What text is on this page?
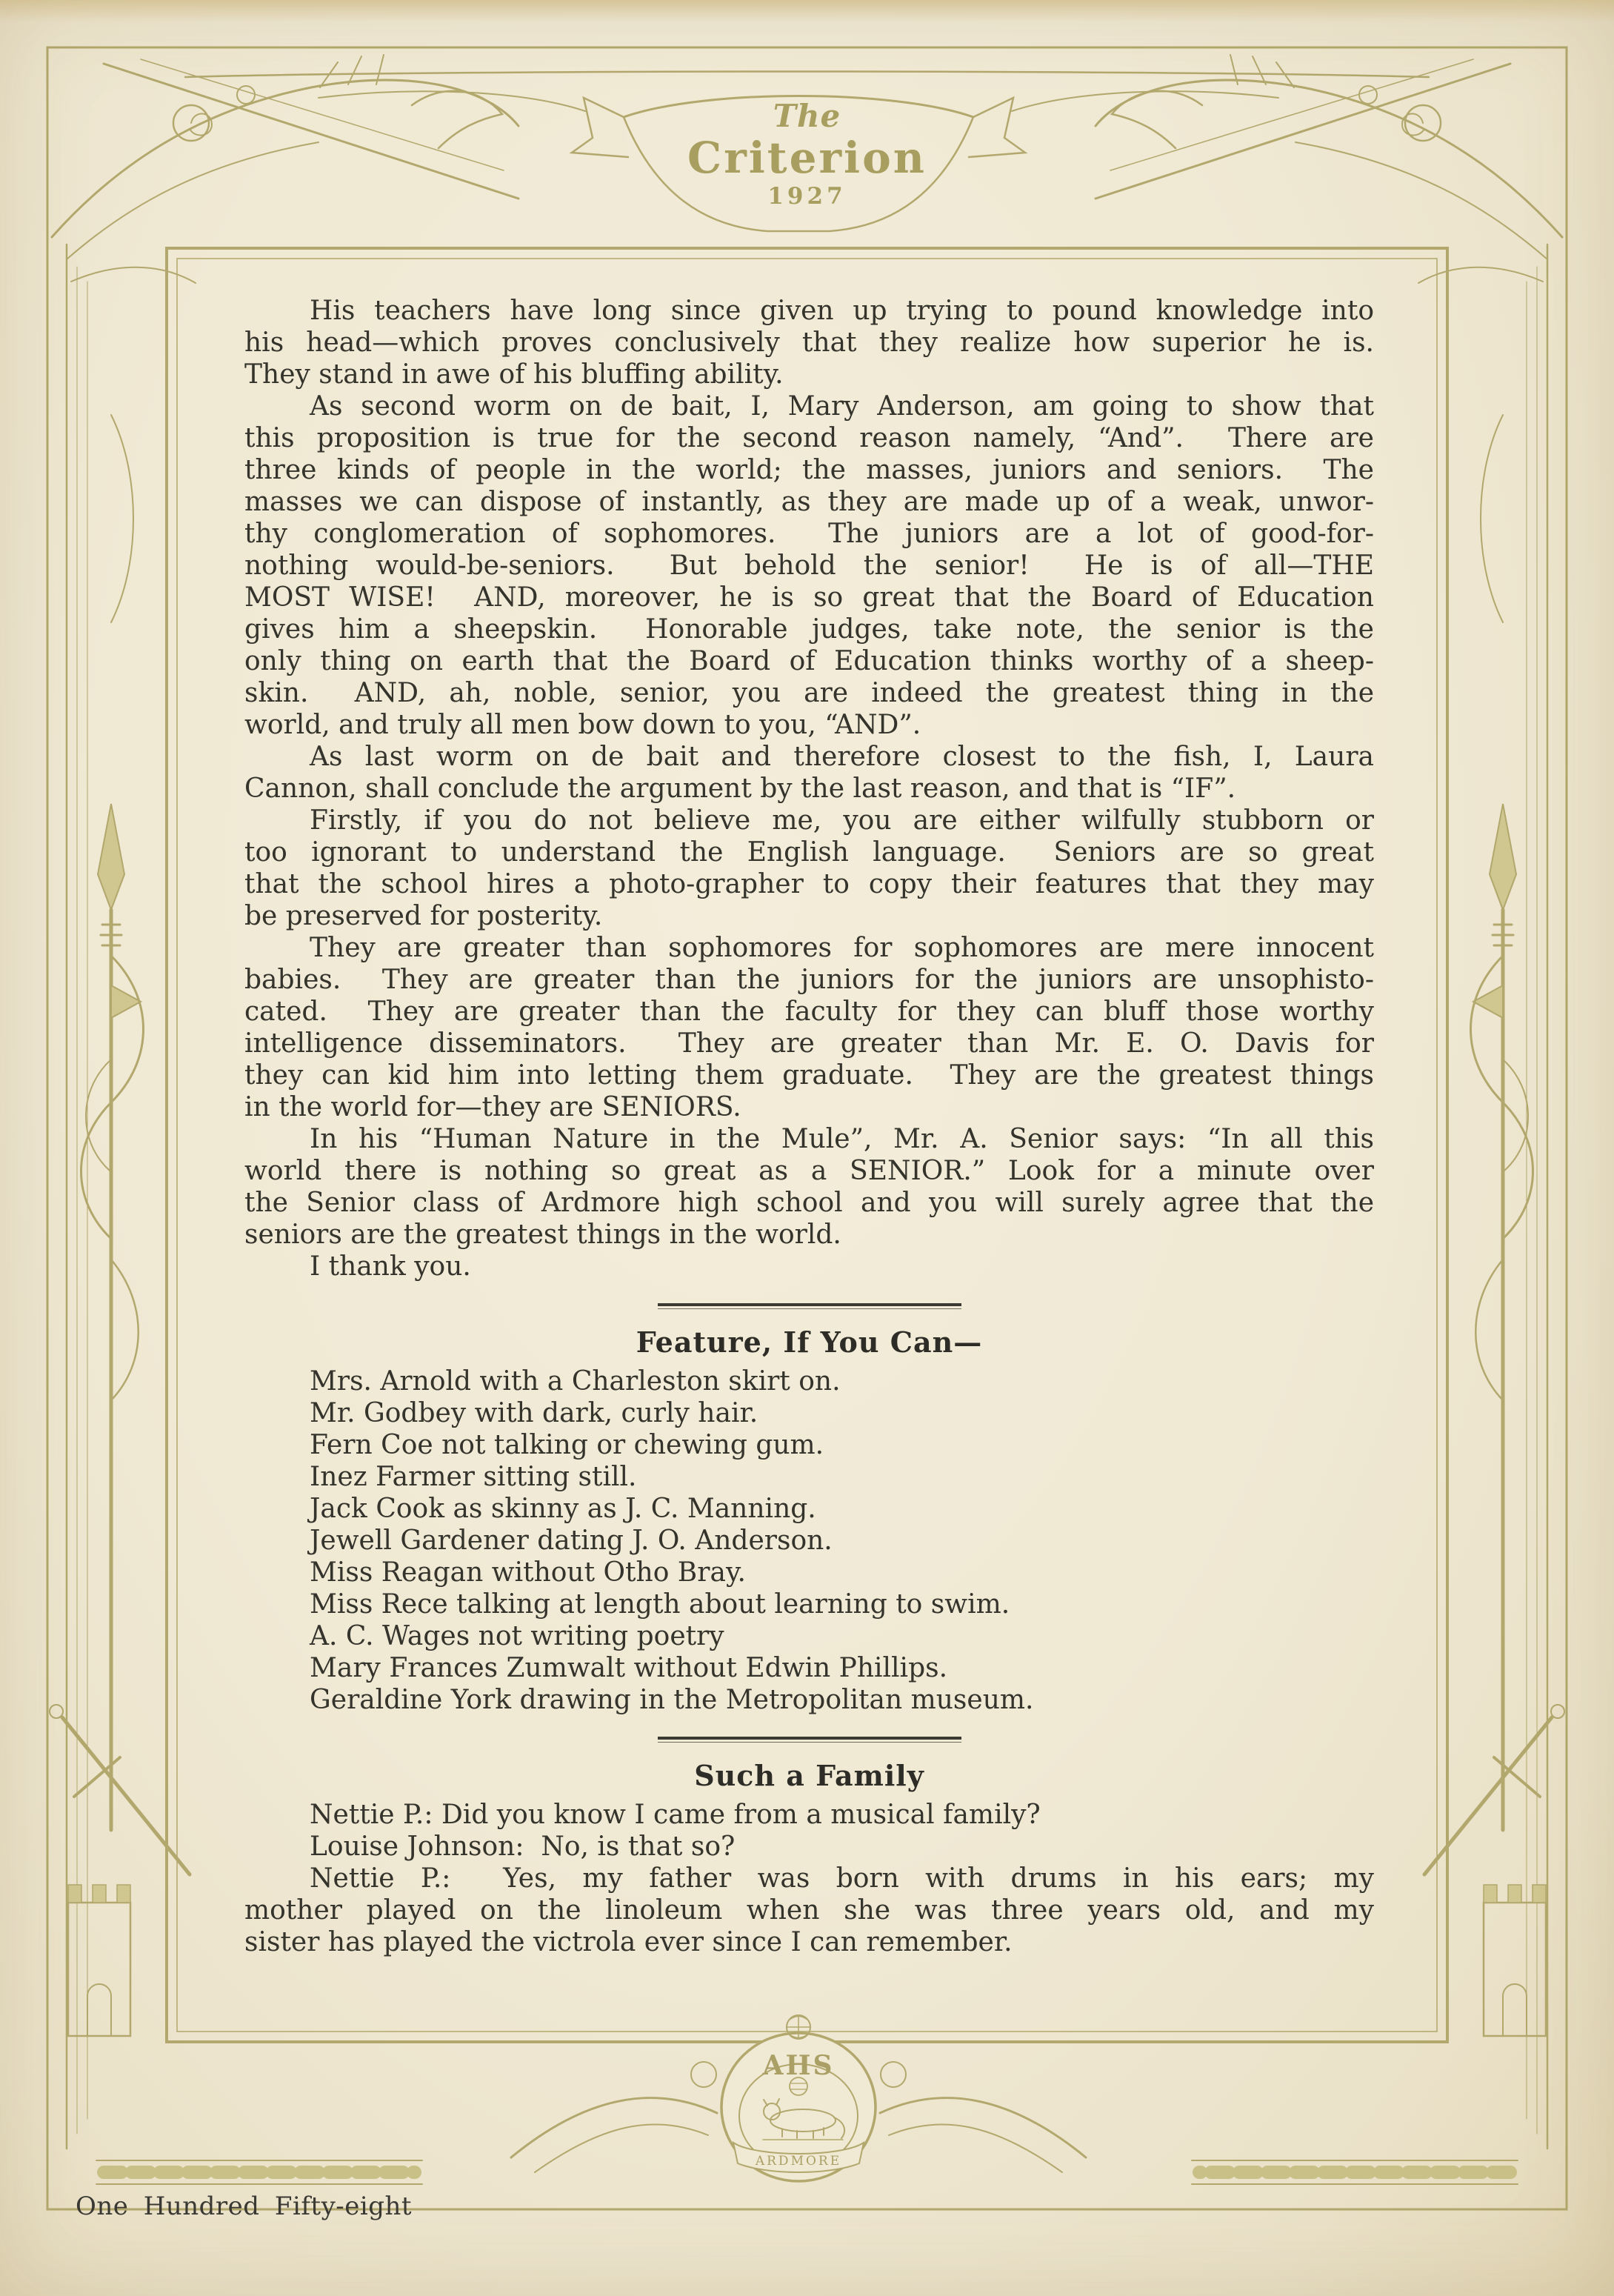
AHS
ARDMORE
The
Criterion
1927
His teachers have long since given up trying to pound knowledge into
his head—which proves conclusively that they realize how superior he is.
They stand in awe of his bluffing ability.
As second worm on de bait, I, Mary Anderson, am going to show that
this proposition is true for the second reason namely, “And”.  There are
three kinds of people in the world; the masses, juniors and seniors.  The
masses we can dispose of instantly, as they are made up of a weak, unwor-
thy conglomeration of sophomores.  The juniors are a lot of good-for-
nothing would-be-seniors.  But behold the senior!  He is of all—THE
MOST WISE!  AND, moreover, he is so great that the Board of Education
gives him a sheepskin.  Honorable judges, take note, the senior is the
only thing on earth that the Board of Education thinks worthy of a sheep-
skin.  AND, ah, noble, senior, you are indeed the greatest thing in the
world, and truly all men bow down to you, “AND”.
As last worm on de bait and therefore closest to the fish, I, Laura
Cannon, shall conclude the argument by the last reason, and that is “IF”.
Firstly, if you do not believe me, you are either wilfully stubborn or
too ignorant to understand the English language.  Seniors are so great
that the school hires a photo-grapher to copy their features that they may
be preserved for posterity.
They are greater than sophomores for sophomores are mere innocent
babies.  They are greater than the juniors for the juniors are unsophisto-
cated.  They are greater than the faculty for they can bluff those worthy
intelligence disseminators.  They are greater than Mr. E. O. Davis for
they can kid him into letting them graduate.  They are the greatest things
in the world for—they are SENIORS.
In his “Human Nature in the Mule”, Mr. A. Senior says: “In all this
world there is nothing so great as a SENIOR.” Look for a minute over
the Senior class of Ardmore high school and you will surely agree that the
seniors are the greatest things in the world.
I thank you.
Feature, If You Can—
Mrs. Arnold with a Charleston skirt on.
Mr. Godbey with dark, curly hair.
Fern Coe not talking or chewing gum.
Inez Farmer sitting still.
Jack Cook as skinny as J. C. Manning.
Jewell Gardener dating J. O. Anderson.
Miss Reagan without Otho Bray.
Miss Rece talking at length about learning to swim.
A. C. Wages not writing poetry
Mary Frances Zumwalt without Edwin Phillips.
Geraldine York drawing in the Metropolitan museum.
Such a Family
Nettie P.: Did you know I came from a musical family?
Louise Johnson:  No, is that so?
Nettie P.:  Yes, my father was born with drums in his ears; my
mother played on the linoleum when she was three years old, and my
sister has played the victrola ever since I can remember.
One Hundred Fifty-eight
